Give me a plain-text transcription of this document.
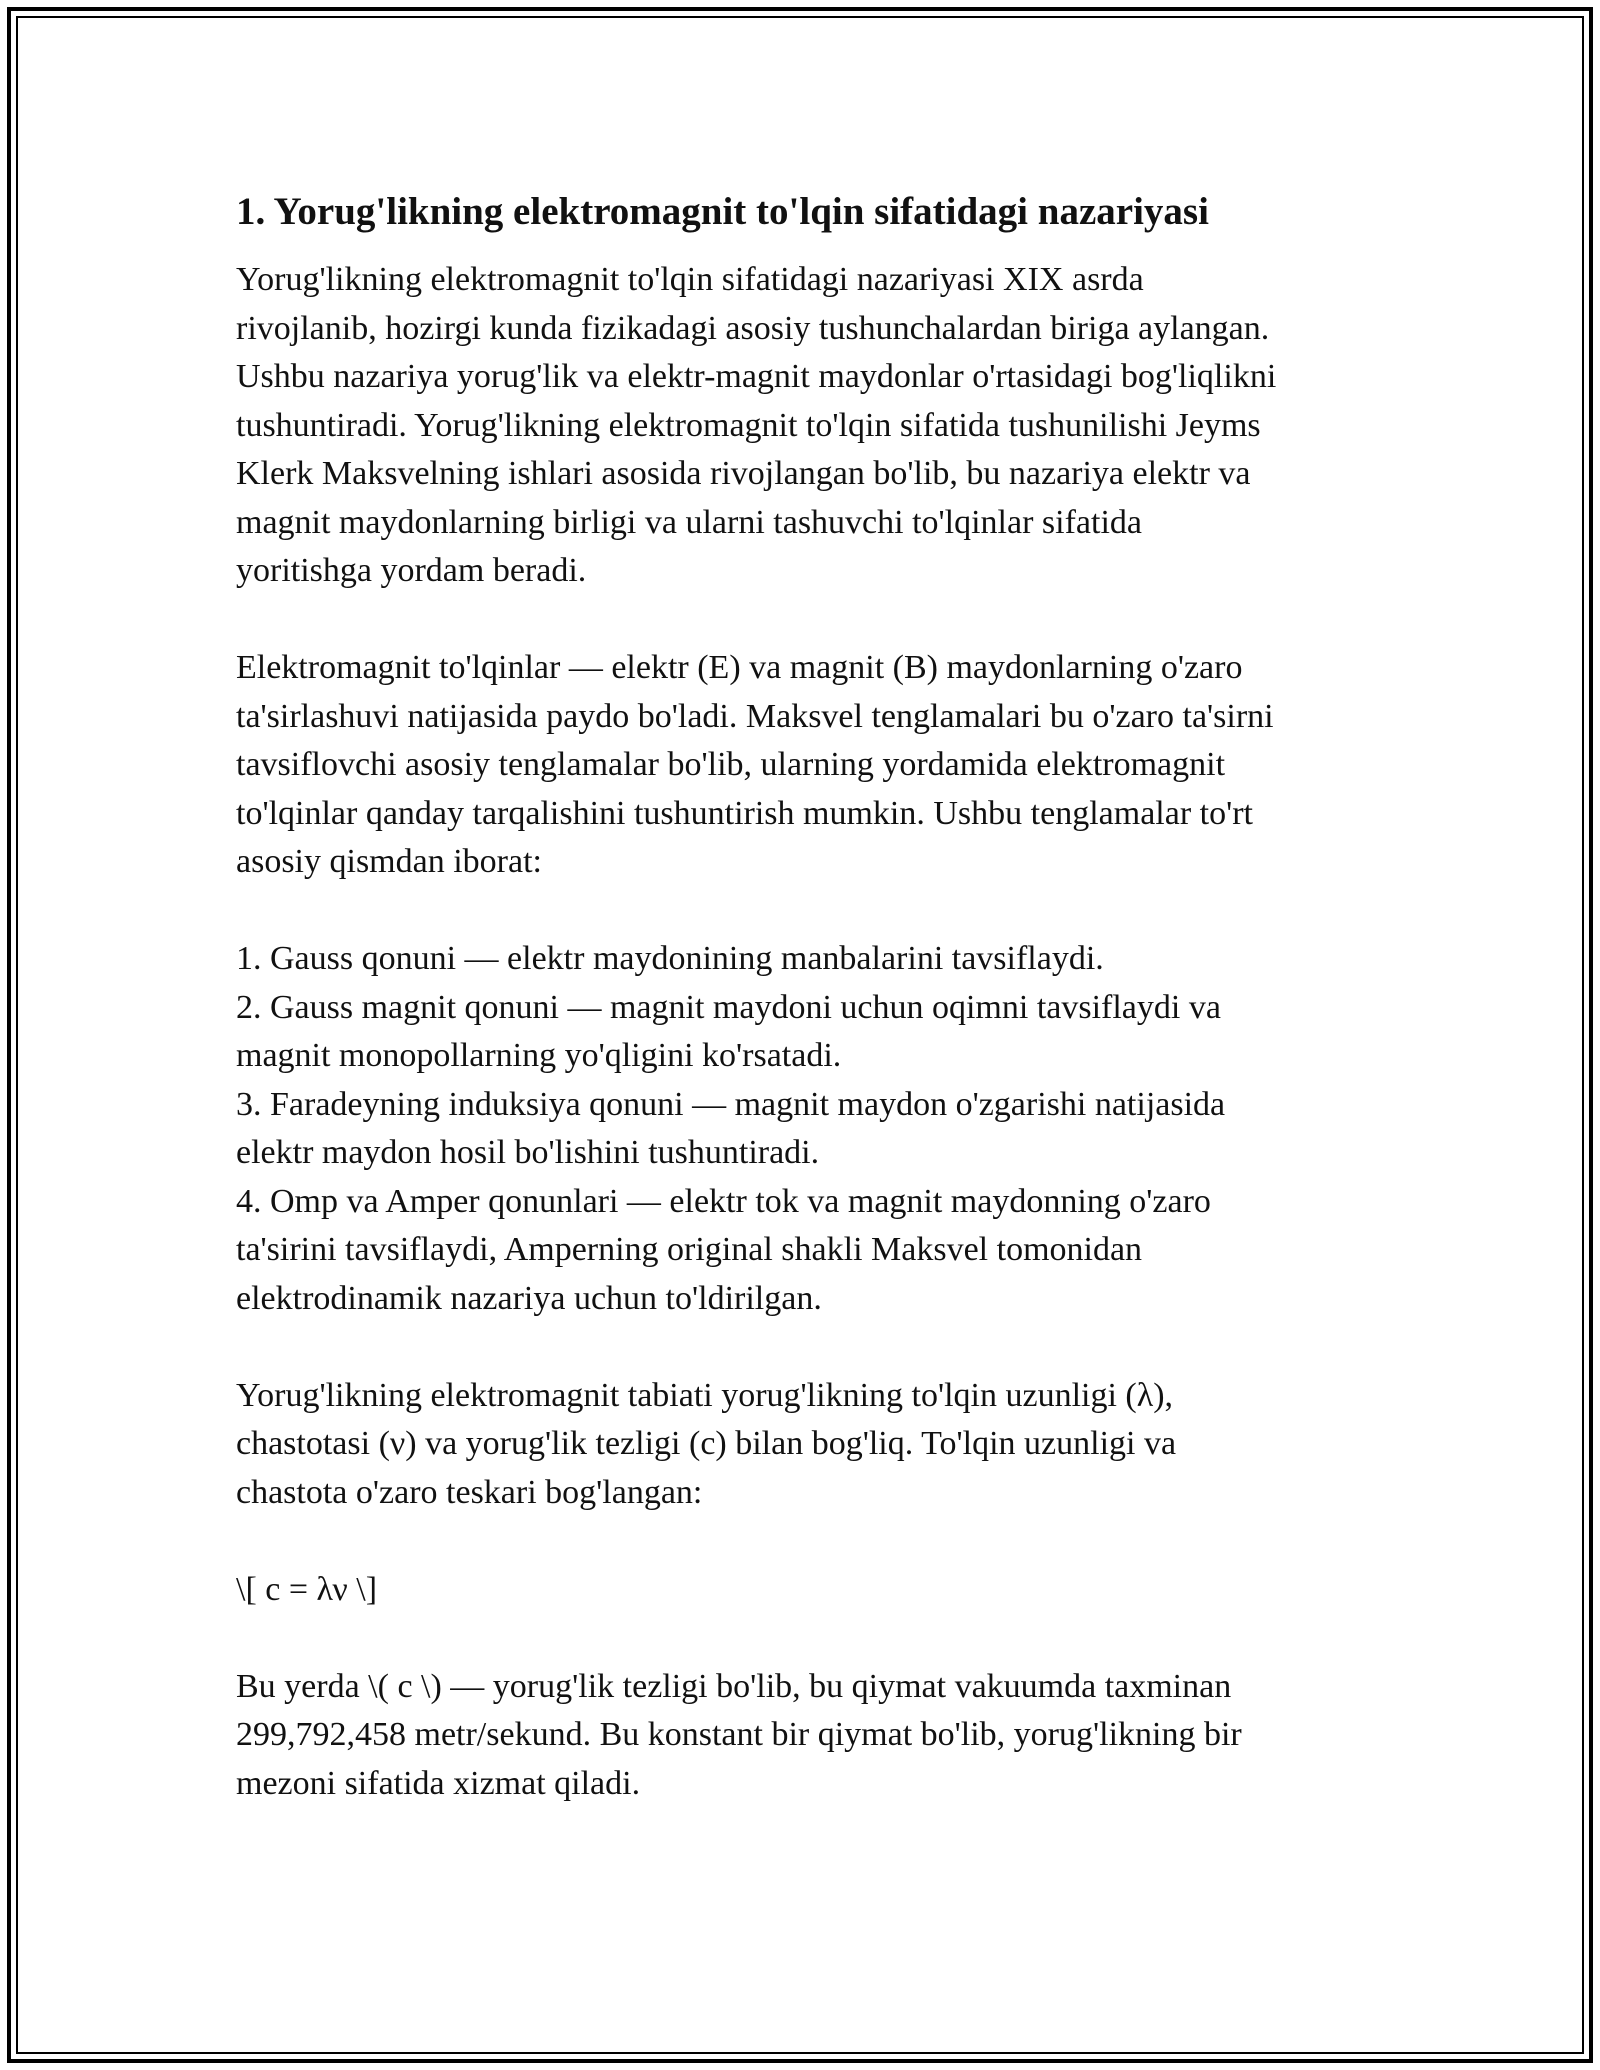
1. Yorug'likning elektromagnit to'lqin sifatidagi nazariyasi
Yorug'likning elektromagnit to'lqin sifatidagi nazariyasi XIX asrda
rivojlanib, hozirgi kunda fizikadagi asosiy tushunchalardan biriga aylangan.
Ushbu nazariya yorug'lik va elektr-magnit maydonlar o'rtasidagi bog'liqlikni
tushuntiradi. Yorug'likning elektromagnit to'lqin sifatida tushunilishi Jeyms
Klerk Maksvelning ishlari asosida rivojlangan bo'lib, bu nazariya elektr va
magnit maydonlarning birligi va ularni tashuvchi to'lqinlar sifatida
yoritishga yordam beradi.
Elektromagnit to'lqinlar — elektr (E) va magnit (B) maydonlarning o'zaro
ta'sirlashuvi natijasida paydo bo'ladi. Maksvel tenglamalari bu o'zaro ta'sirni
tavsiflovchi asosiy tenglamalar bo'lib, ularning yordamida elektromagnit
to'lqinlar qanday tarqalishini tushuntirish mumkin. Ushbu tenglamalar to'rt
asosiy qismdan iborat:
1. Gauss qonuni — elektr maydonining manbalarini tavsiflaydi.
2. Gauss magnit qonuni — magnit maydoni uchun oqimni tavsiflaydi va
magnit monopollarning yo'qligini ko'rsatadi.
3. Faradeyning induksiya qonuni — magnit maydon o'zgarishi natijasida
elektr maydon hosil bo'lishini tushuntiradi.
4. Omp va Amper qonunlari — elektr tok va magnit maydonning o'zaro
ta'sirini tavsiflaydi, Amperning original shakli Maksvel tomonidan
elektrodinamik nazariya uchun to'ldirilgan.
Yorug'likning elektromagnit tabiati yorug'likning to'lqin uzunligi (λ),
chastotasi (ν) va yorug'lik tezligi (c) bilan bog'liq. To'lqin uzunligi va
chastota o'zaro teskari bog'langan:
\[ c = λν \]
Bu yerda \( c \) — yorug'lik tezligi bo'lib, bu qiymat vakuumda taxminan
299,792,458 metr/sekund. Bu konstant bir qiymat bo'lib, yorug'likning bir
mezoni sifatida xizmat qiladi.
